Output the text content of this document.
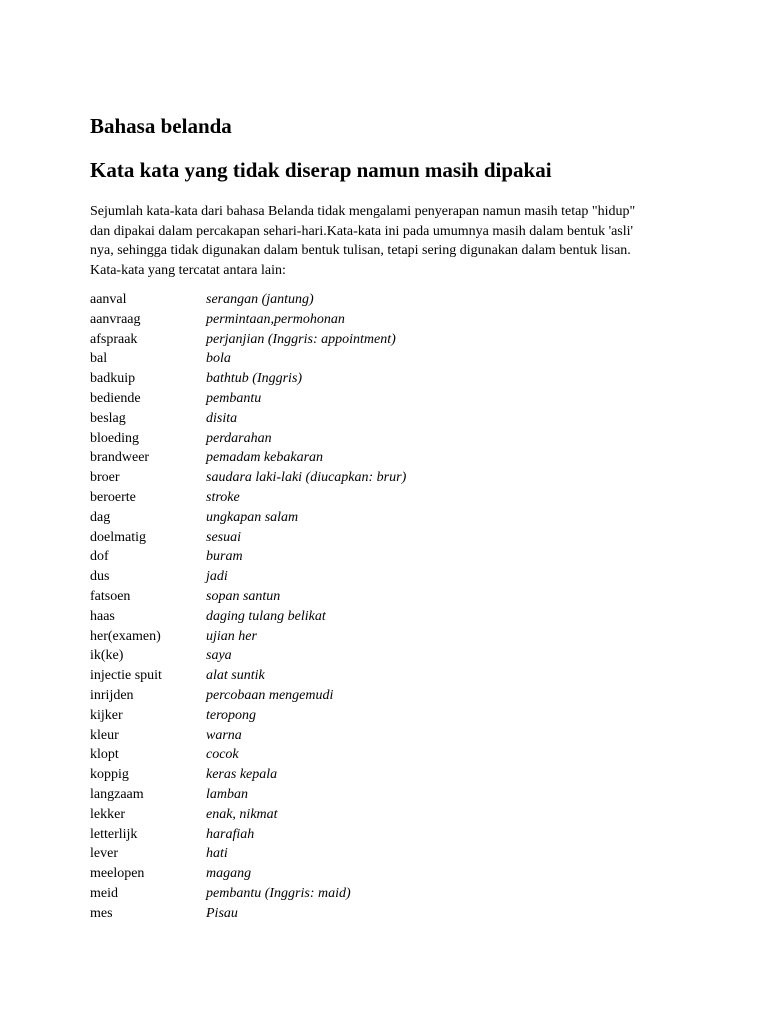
Bahasa belanda
Kata kata yang tidak diserap namun masih dipakai

Sejumlah kata-kata dari bahasa Belanda tidak mengalami penyerapan namun masih tetap "hidup"
dan dipakai dalam percakapan sehari-hari.Kata-kata ini pada umumnya masih dalam bentuk 'asli'
nya, sehingga tidak digunakan dalam bentuk tulisan, tetapi sering digunakan dalam bentuk lisan.
Kata-kata yang tercatat antara lain:

aanval	serangan (jantung)
aanvraag	permintaan,permohonan
afspraak	perjanjian (Inggris: appointment)
bal	bola
badkuip	bathtub (Inggris)
bediende	pembantu
beslag	disita
bloeding	perdarahan
brandweer	pemadam kebakaran
broer	saudara laki-laki (diucapkan: brur)
beroerte	stroke
dag	ungkapan salam
doelmatig	sesuai
dof	buram
dus	jadi
fatsoen	sopan santun
haas	daging tulang belikat
her(examen)	ujian her
ik(ke)	saya
injectie spuit	alat suntik
inrijden	percobaan mengemudi
kijker	teropong
kleur	warna
klopt	cocok
koppig	keras kepala
langzaam	lamban
lekker	enak, nikmat
letterlijk	harafiah
lever	hati
meelopen	magang
meid	pembantu (Inggris: maid)
mes	Pisau
